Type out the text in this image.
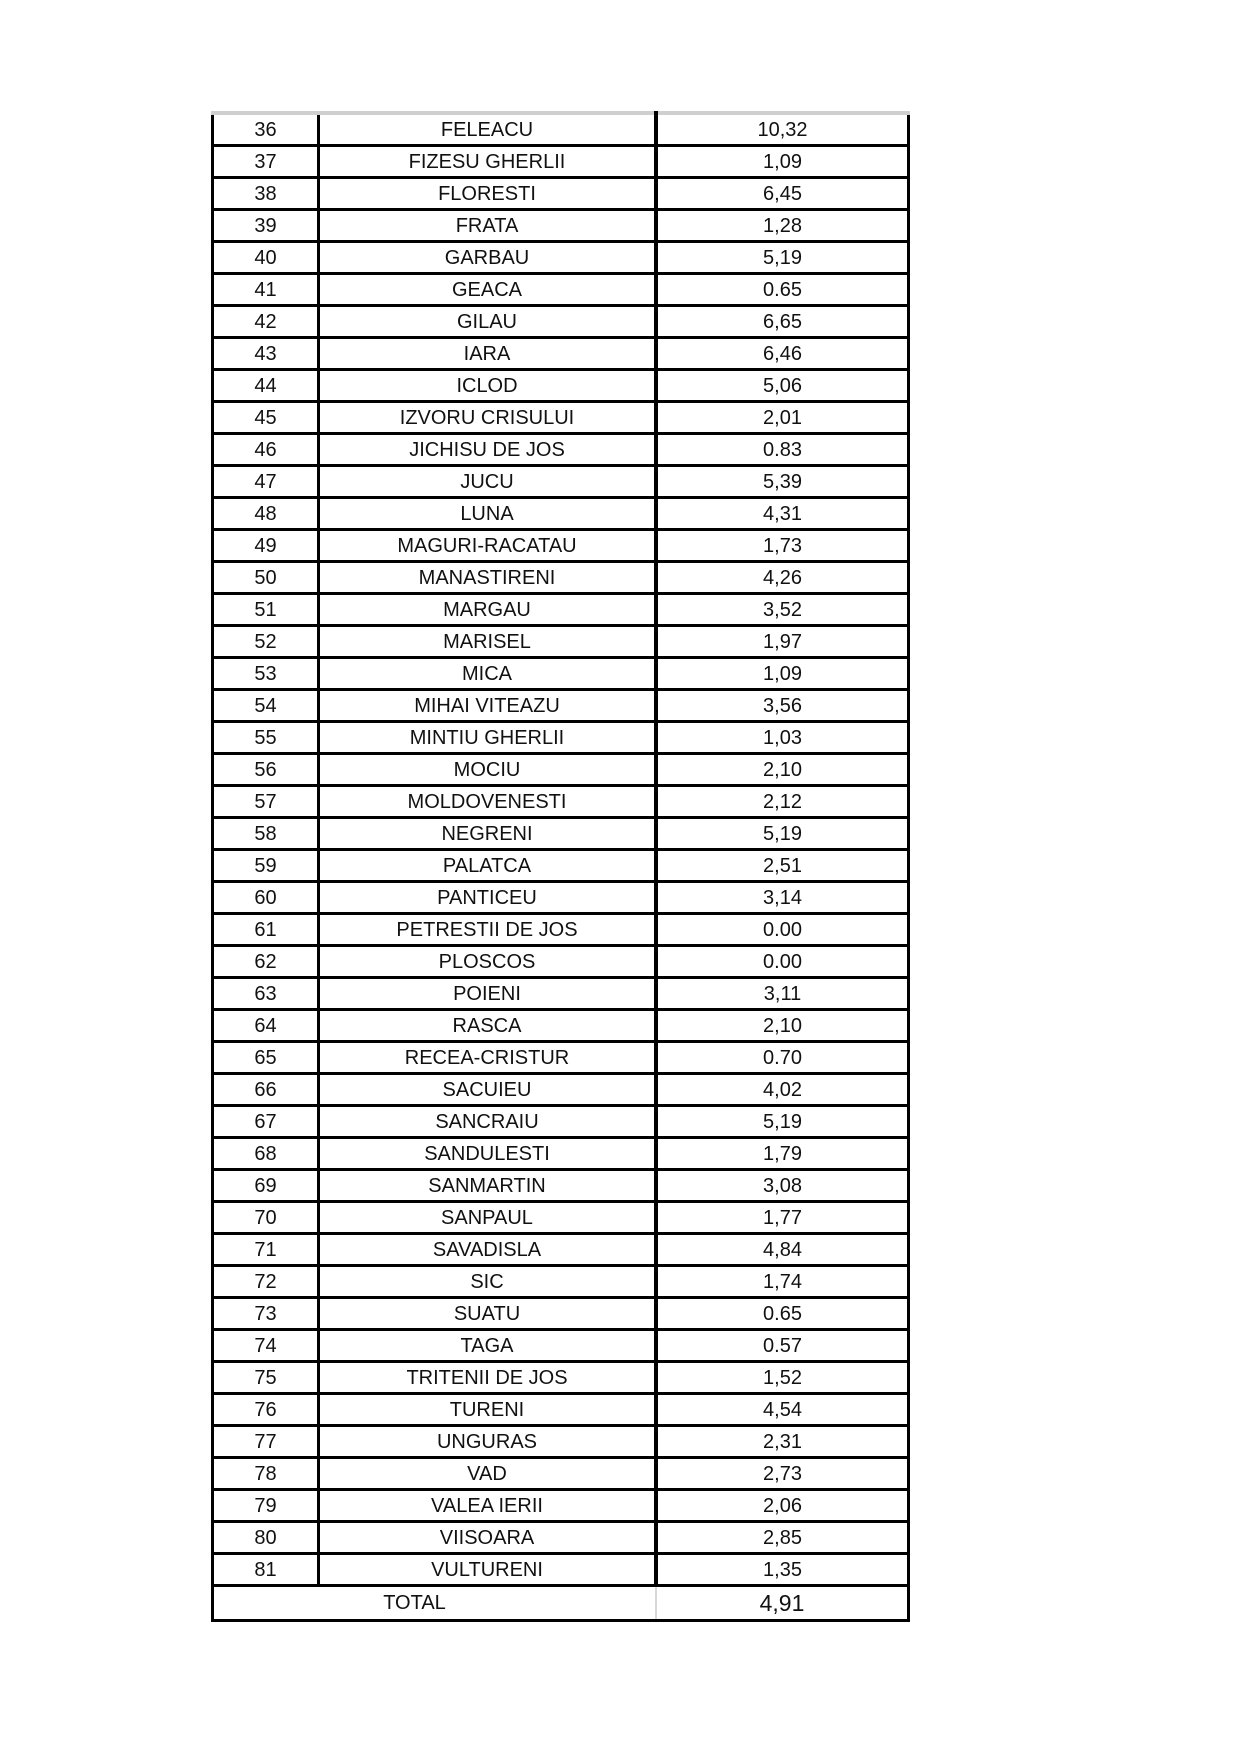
36	FELEACU	10,32
37	FIZESU GHERLII	1,09
38	FLORESTI	6,45
39	FRATA	1,28
40	GARBAU	5,19
41	GEACA	0.65
42	GILAU	6,65
43	IARA	6,46
44	ICLOD	5,06
45	IZVORU CRISULUI	2,01
46	JICHISU DE JOS	0.83
47	JUCU	5,39
48	LUNA	4,31
49	MAGURI-RACATAU	1,73
50	MANASTIRENI	4,26
51	MARGAU	3,52
52	MARISEL	1,97
53	MICA	1,09
54	MIHAI VITEAZU	3,56
55	MINTIU GHERLII	1,03
56	MOCIU	2,10
57	MOLDOVENESTI	2,12
58	NEGRENI	5,19
59	PALATCA	2,51
60	PANTICEU	3,14
61	PETRESTII DE JOS	0.00
62	PLOSCOS	0.00
63	POIENI	3,11
64	RASCA	2,10
65	RECEA-CRISTUR	0.70
66	SACUIEU	4,02
67	SANCRAIU	5,19
68	SANDULESTI	1,79
69	SANMARTIN	3,08
70	SANPAUL	1,77
71	SAVADISLA	4,84
72	SIC	1,74
73	SUATU	0.65
74	TAGA	0.57
75	TRITENII DE JOS	1,52
76	TURENI	4,54
77	UNGURAS	2,31
78	VAD	2,73
79	VALEA IERII	2,06
80	VIISOARA	2,85
81	VULTURENI	1,35
TOTAL		4,91
